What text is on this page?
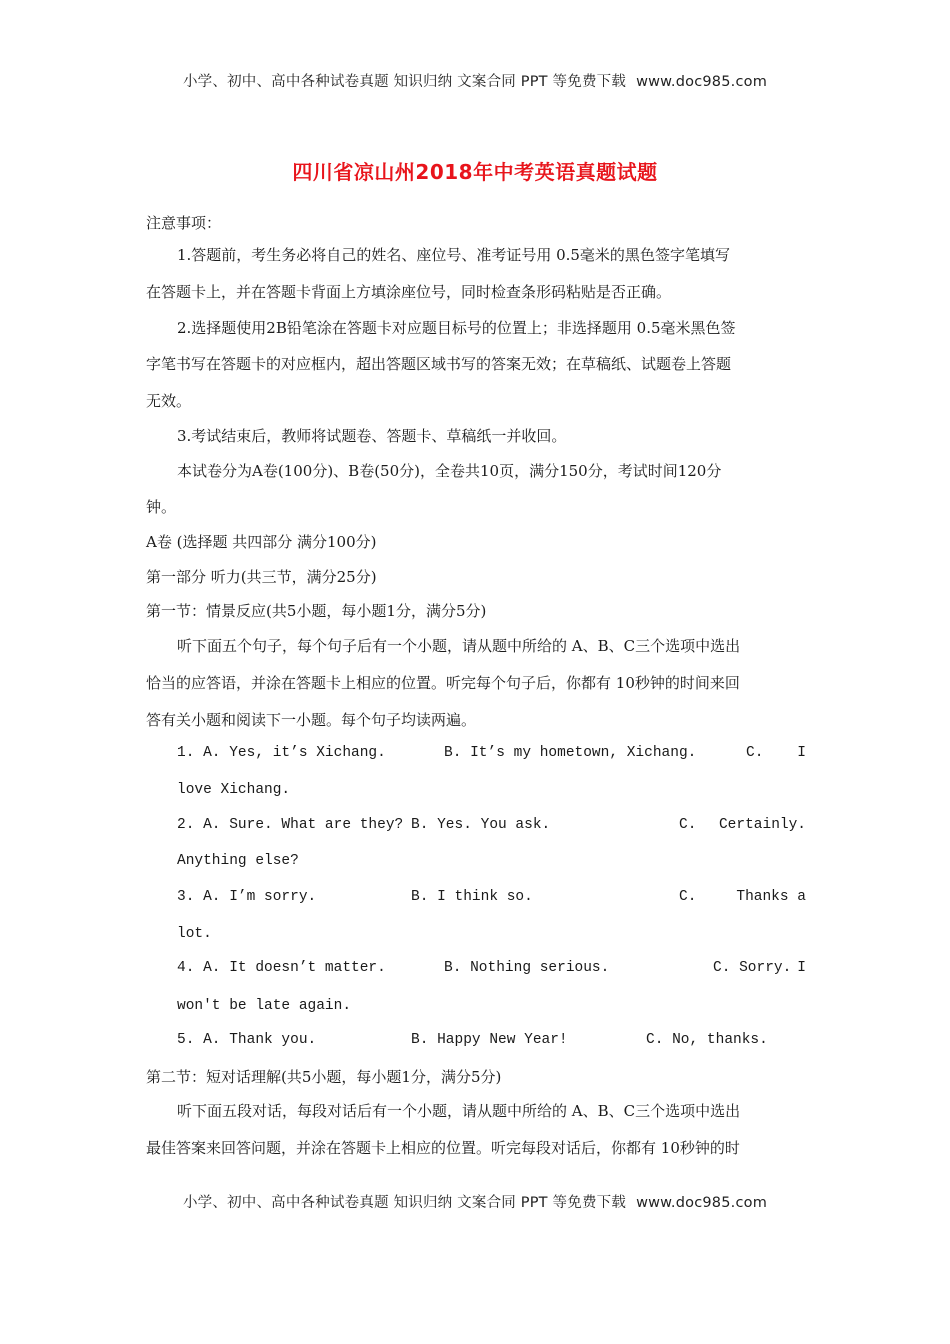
小学、初中、高中各种试卷真题 知识归纳 文案合同 PPT 等免费下载 www.doc985.com
四川省凉山州2018年中考英语真题试题
注意事项：
1.答题前，考生务必将自己的姓名、座位号、准考证号用 0.5毫米的黑色签字笔填写
在答题卡上，并在答题卡背面上方填涂座位号，同时检查条形码粘贴是否正确。
2.选择题使用2B铅笔涂在答题卡对应题目标号的位置上；非选择题用 0.5毫米黑色签
字笔书写在答题卡的对应框内，超出答题区域书写的答案无效；在草稿纸、试题卷上答题
无效。
3.考试结束后，教师将试题卷、答题卡、草稿纸一并收回。
本试卷分为A卷(100分)、B卷(50分)，全卷共10页，满分150分，考试时间120分
钟。
A卷 (选择题 共四部分 满分100分)
第一部分 听力(共三节，满分25分)
第一节：情景反应(共5小题，每小题1分，满分5分)
听下面五个句子，每个句子后有一个小题，请从题中所给的 A、B、C三个选项中选出
恰当的应答语，并涂在答题卡上相应的位置。听完每个句子后，你都有 10秒钟的时间来回
答有关小题和阅读下一小题。每个句子均读两遍。
1. A. Yes, it’s Xichang.	B. It’s my hometown, Xichang.	C. I
love Xichang.
2. A. Sure. What are they? B. Yes. You ask.	C. Certainly.
Anything else?
3. A. I’m sorry.	B. I think so.	C.	Thanks a
lot.
4. A. It doesn’t matter.	B. Nothing serious.	C. Sorry. I
won't be late again.
5. A. Thank you.	B. Happy New Year!	C. No, thanks.
第二节：短对话理解(共5小题，每小题1分，满分5分)
听下面五段对话，每段对话后有一个小题，请从题中所给的 A、B、C三个选项中选出
最佳答案来回答问题，并涂在答题卡上相应的位置。听完每段对话后，你都有 10秒钟的时
小学、初中、高中各种试卷真题 知识归纳 文案合同 PPT 等免费下载 www.doc985.com
